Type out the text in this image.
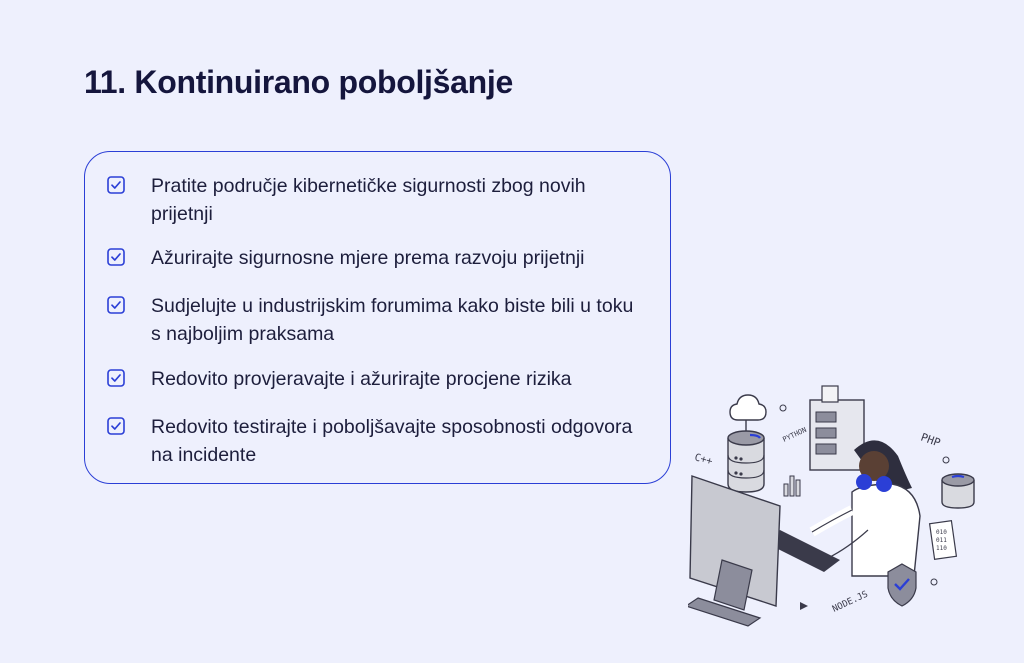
11. Kontinuirano poboljšanje
Pratite područje kibernetičke sigurnosti zbog novih prijetnji
Ažurirajte sigurnosne mjere prema razvoju prijetnji
Sudjelujte u industrijskim forumima kako biste bili u toku s najboljim praksama
Redovito provjeravajte i ažurirajte procjene rizika
Redovito testirajte i poboljšavajte sposobnosti odgovora na incidente	C++
PYTHON	PHP
010
011
110
NODE.JS
